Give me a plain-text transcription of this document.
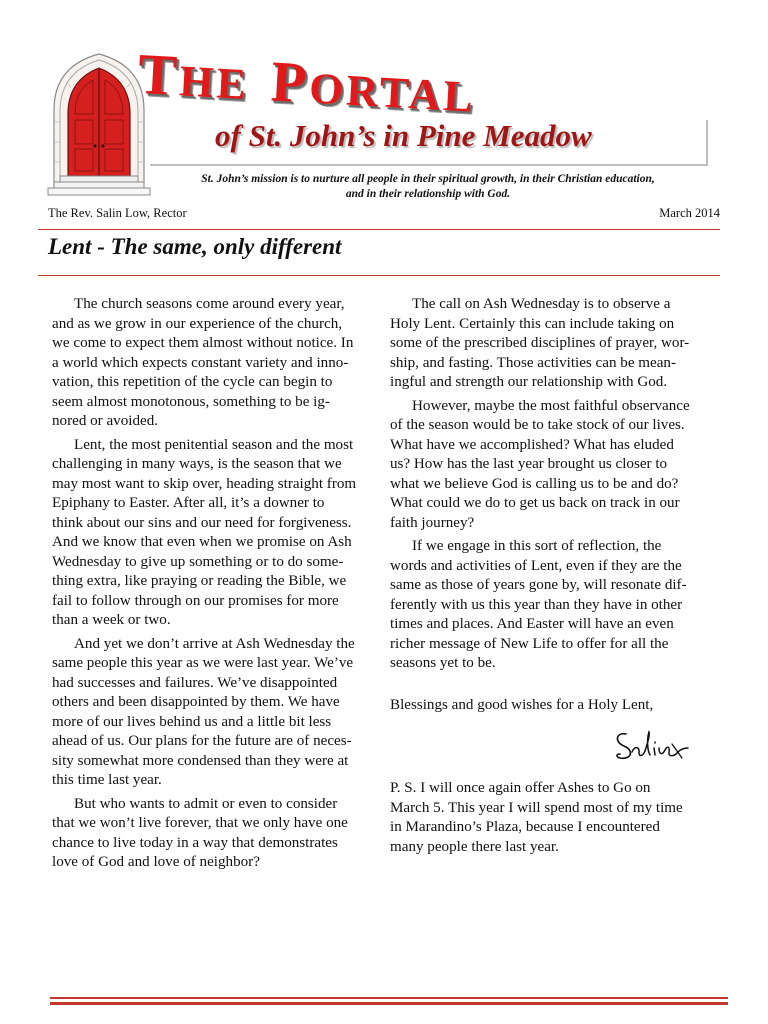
THE PORTAL
of St. John’s in Pine Meadow
St. John’s mission is to nurture all people in their spiritual growth, in their Christian education,
and in their relationship with God.
The Rev. Salin Low, Rector	March 2014
Lent - The same, only different
The church seasons come around every year,
and as we grow in our experience of the church,
we come to expect them almost without notice. In
a world which expects constant variety and inno-
vation, this repetition of the cycle can begin to
seem almost monotonous, something to be ig-
nored or avoided.
Lent, the most penitential season and the most
challenging in many ways, is the season that we
may most want to skip over, heading straight from
Epiphany to Easter. After all, it’s a downer to
think about our sins and our need for forgiveness.
And we know that even when we promise on Ash
Wednesday to give up something or to do some-
thing extra, like praying or reading the Bible, we
fail to follow through on our promises for more
than a week or two.
And yet we don’t arrive at Ash Wednesday the
same people this year as we were last year. We’ve
had successes and failures. We’ve disappointed
others and been disappointed by them. We have
more of our lives behind us and a little bit less
ahead of us. Our plans for the future are of neces-
sity somewhat more condensed than they were at
this time last year.
But who wants to admit or even to consider
that we won’t live forever, that we only have one
chance to live today in a way that demonstrates
love of God and love of neighbor?
The call on Ash Wednesday is to observe a
Holy Lent. Certainly this can include taking on
some of the prescribed disciplines of prayer, wor-
ship, and fasting. Those activities can be mean-
ingful and strength our relationship with God.
However, maybe the most faithful observance
of the season would be to take stock of our lives.
What have we accomplished? What has eluded
us? How has the last year brought us closer to
what we believe God is calling us to be and do?
What could we do to get us back on track in our
faith journey?
If we engage in this sort of reflection, the
words and activities of Lent, even if they are the
same as those of years gone by, will resonate dif-
ferently with us this year than they have in other
times and places. And Easter will have an even
richer message of New Life to offer for all the
seasons yet to be.
Blessings and good wishes for a Holy Lent,
P. S. I will once again offer Ashes to Go on
March 5. This year I will spend most of my time
in Marandino’s Plaza, because I encountered
many people there last year.
